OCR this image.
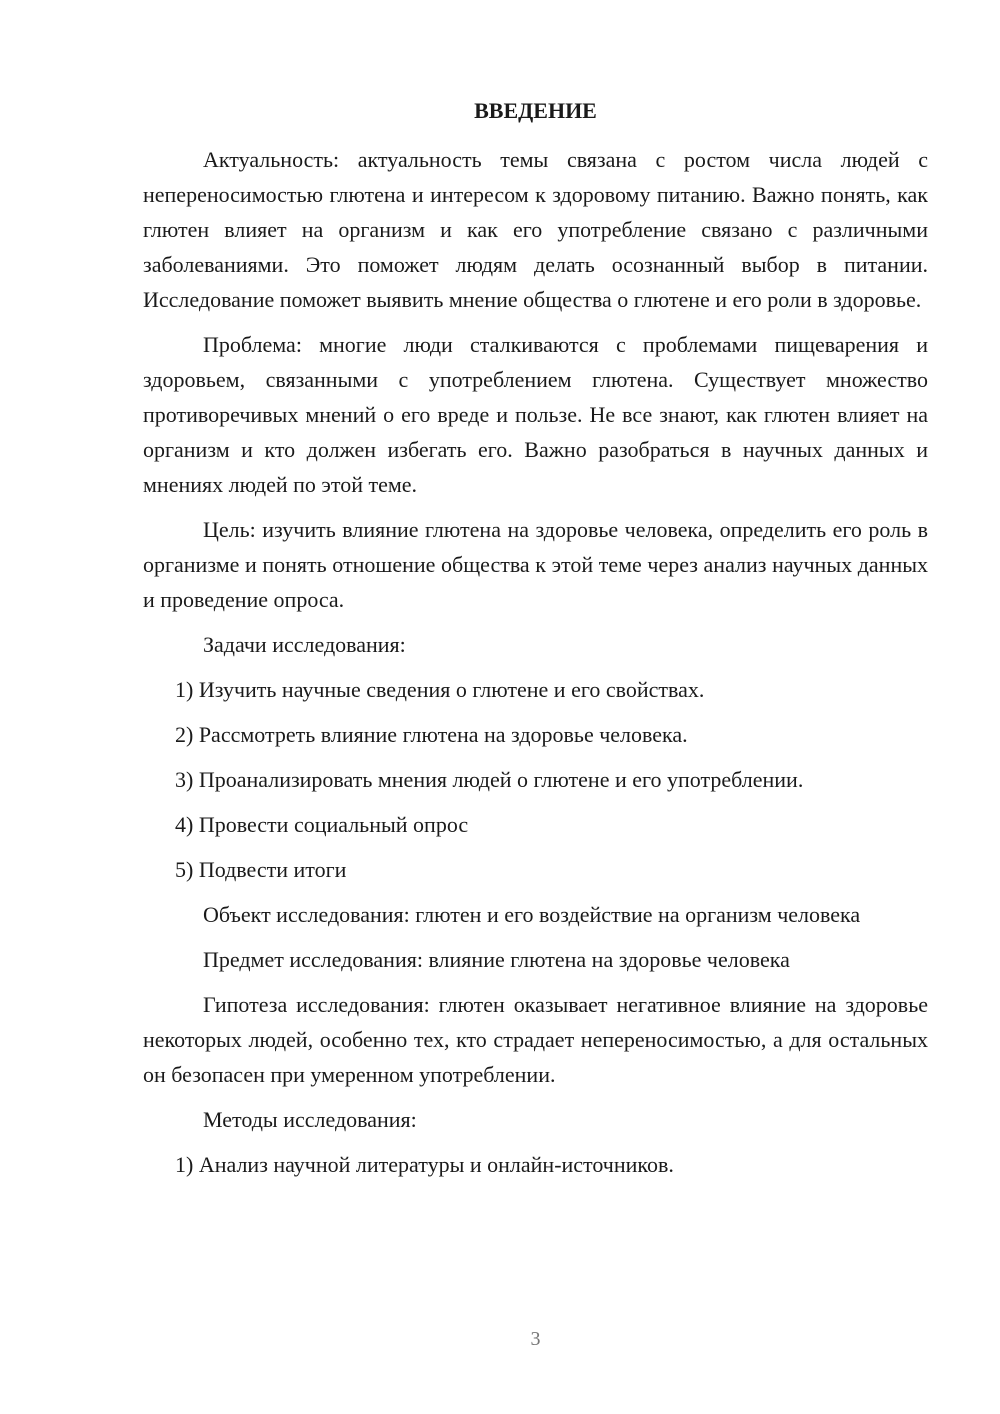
ВВЕДЕНИЕ

Актуальность: актуальность темы связана с ростом числа людей с непереносимостью глютена и интересом к здоровому питанию. Важно понять, как глютен влияет на организм и как его употребление связано с различными заболеваниями. Это поможет людям делать осознанный выбор в питании. Исследование поможет выявить мнение общества о глютене и его роли в здоровье.

Проблема: многие люди сталкиваются с проблемами пищеварения и здоровьем, связанными с употреблением глютена. Существует множество противоречивых мнений о его вреде и пользе. Не все знают, как глютен влияет на организм и кто должен избегать его. Важно разобраться в научных данных и мнениях людей по этой теме.

Цель: изучить влияние глютена на здоровье человека, определить его роль в организме и понять отношение общества к этой теме через анализ научных данных и проведение опроса.

Задачи исследования:

1) Изучить научные сведения о глютене и его свойствах.

2) Рассмотреть влияние глютена на здоровье человека.

3) Проанализировать мнения людей о глютене и его употреблении.

4) Провести социальный опрос

5) Подвести итоги

Объект исследования: глютен и его воздействие на организм человека

Предмет исследования: влияние глютена на здоровье человека

Гипотеза исследования: глютен оказывает негативное влияние на здоровье некоторых людей, особенно тех, кто страдает непереносимостью, а для остальных он безопасен при умеренном употреблении.

Методы исследования:

1) Анализ научной литературы и онлайн-источников.

3
